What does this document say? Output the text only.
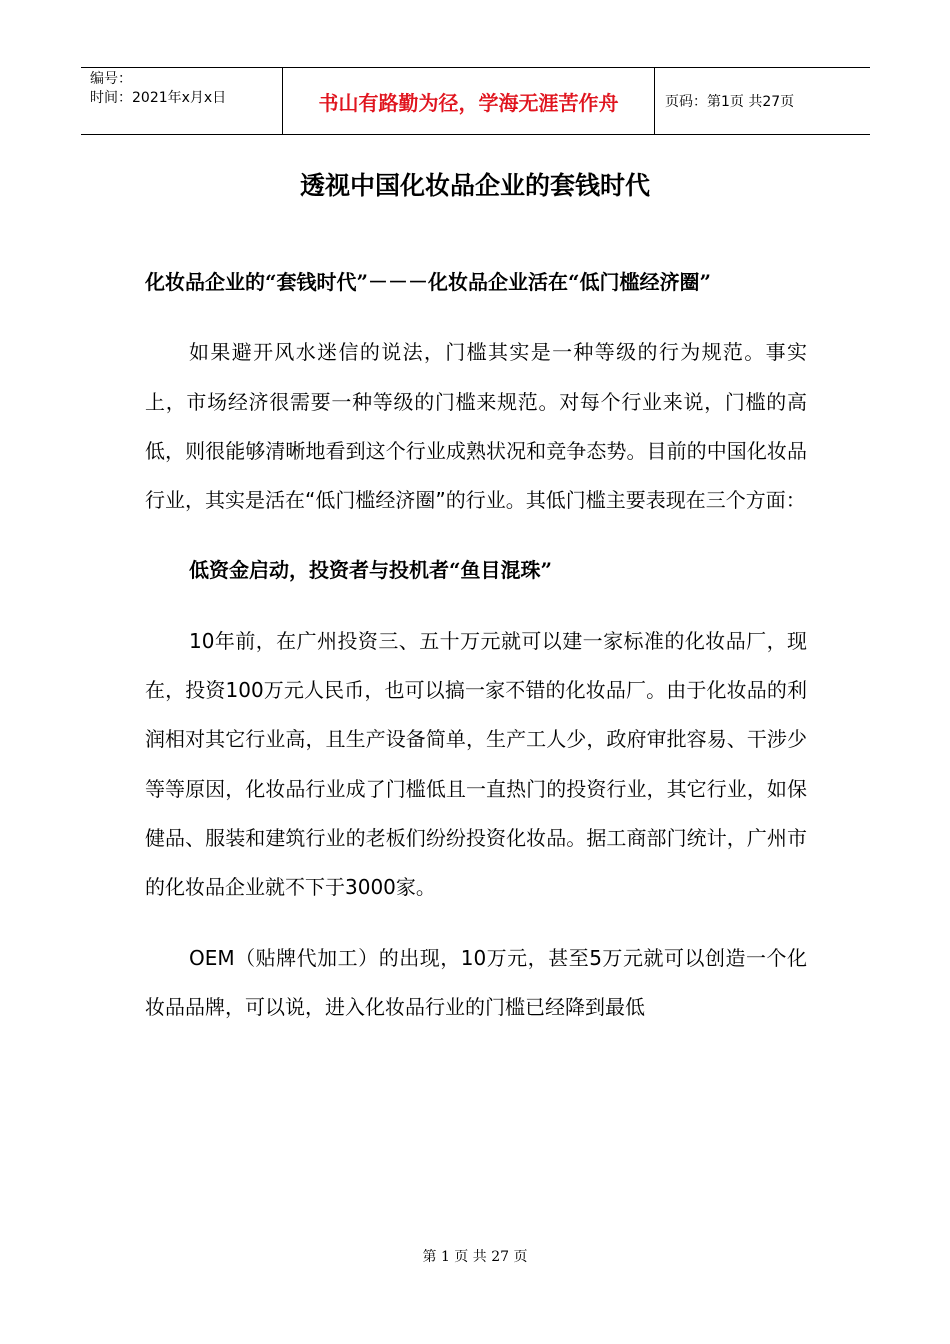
编号：
时间：2021年x月x日	书山有路勤为径，学海无涯苦作舟	页码：第1页 共27页
透视中国化妆品企业的套钱时代

化妆品企业的“套钱时代”－－－化妆品企业活在“低门槛经济圈”

如果避开风水迷信的说法，门槛其实是一种等级的行为规范。事实上，市场经济很需要一种等级的门槛来规范。对每个行业来说，门槛的高低，则很能够清晰地看到这个行业成熟状况和竞争态势。目前的中国化妆品行业，其实是活在“低门槛经济圈”的行业。其低门槛主要表现在三个方面：

低资金启动，投资者与投机者“鱼目混珠”

10年前，在广州投资三、五十万元就可以建一家标准的化妆品厂，现在，投资100万元人民币，也可以搞一家不错的化妆品厂。由于化妆品的利润相对其它行业高，且生产设备简单，生产工人少，政府审批容易、干涉少等等原因，化妆品行业成了门槛低且一直热门的投资行业，其它行业，如保健品、服装和建筑行业的老板们纷纷投资化妆品。据工商部门统计，广州市的化妆品企业就不下于3000家。

OEM（贴牌代加工）的出现，10万元，甚至5万元就可以创造一个化妆品品牌，可以说，进入化妆品行业的门槛已经降到最低

第 1 页 共 27 页
